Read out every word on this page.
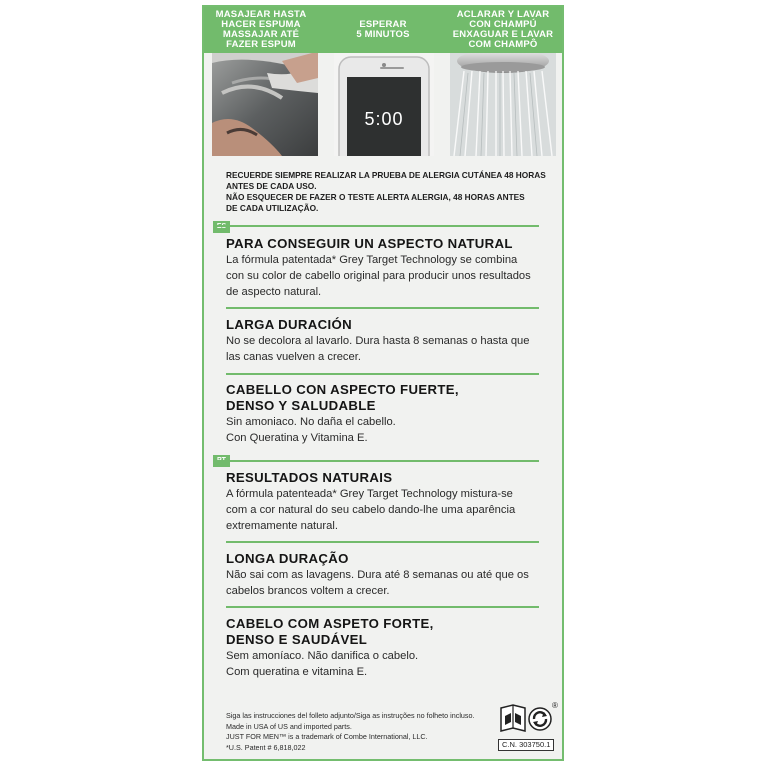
MASAJEAR HASTA
HACER ESPUMA
MASSAJAR ATÉ
FAZER ESPUM
ESPERAR
5 MINUTOS
ACLARAR Y LAVAR
CON CHAMPÚ
ENXAGUAR E LAVAR
COM CHAMPÔ
5:00
RECUERDE SIEMPRE REALIZAR LA PRUEBA DE ALERGIA CUTÁNEA 48 HORAS
ANTES DE CADA USO.
NÃO ESQUECER DE FAZER O TESTE ALERTA ALERGIA, 48 HORAS ANTES
DE CADA UTILIZAÇÃO.
PARA CONSEGUIR UN ASPECTO NATURAL
La fórmula patentada* Grey Target Technology se combina
con su color de cabello original para producir unos resultados
de aspecto natural.
LARGA DURACIÓN
No se decolora al lavarlo. Dura hasta 8 semanas o hasta que
las canas vuelven a crecer.
CABELLO CON ASPECTO FUERTE,
DENSO Y SALUDABLE
Sin amoniaco. No daña el cabello.
Con Queratina y Vitamina E.
RESULTADOS NATURAIS
A fórmula patenteada* Grey Target Technology mistura-se
com a cor natural do seu cabelo dando-lhe uma aparência
extremamente natural.
LONGA DURAÇÃO
Não sai com as lavagens. Dura até 8 semanas ou até que os
cabelos brancos voltem a crecer.
CABELO COM ASPETO FORTE,
DENSO E SAUDÁVEL
Sem amoníaco. Não danifica o cabelo.
Com queratina e vitamina E.
Siga las instrucciones del folleto adjunto/Siga as instruções no folheto incluso.
Made in USA of US and imported parts.
JUST FOR MEN™ is a trademark of Combe International, LLC.
*U.S. Patent # 6,818,022
®
C.N. 303750.1
